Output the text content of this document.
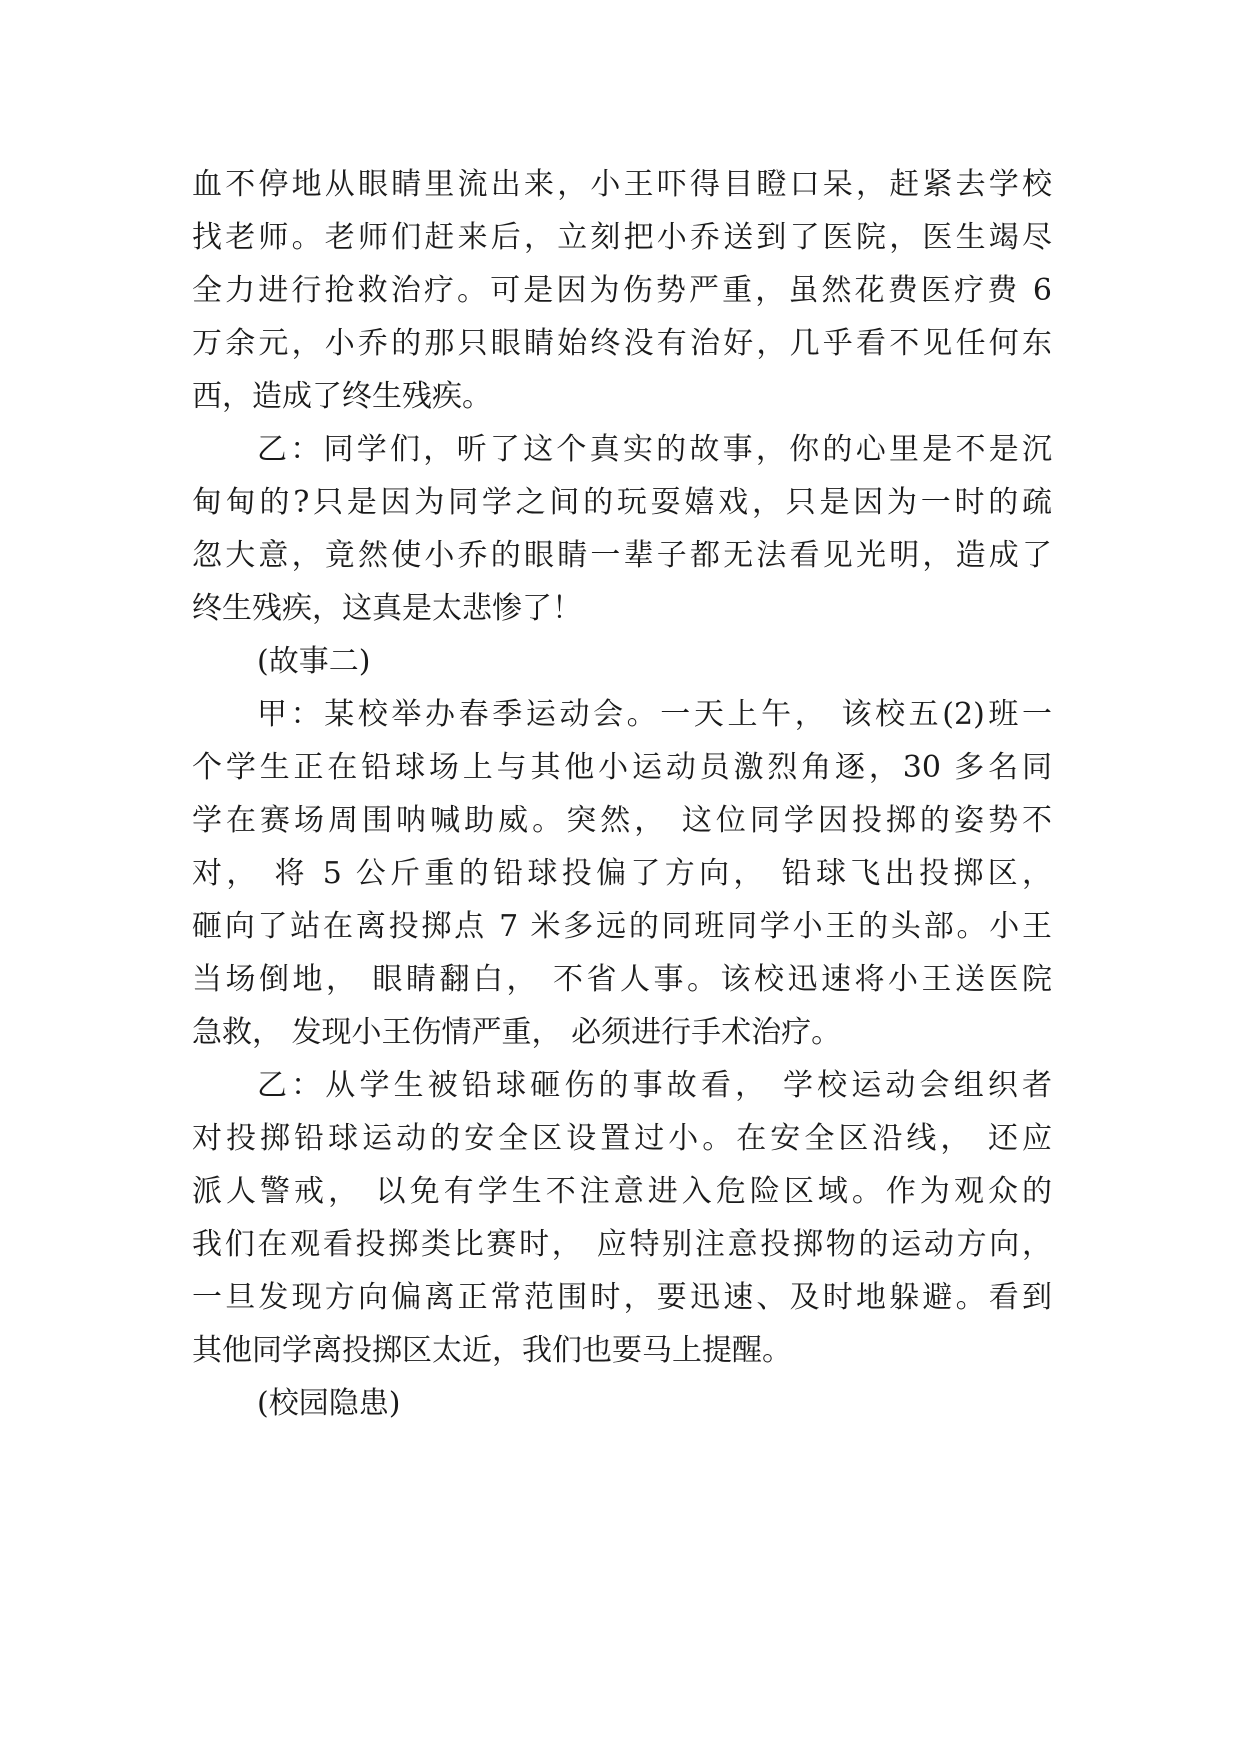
血不停地从眼睛里流出来，小王吓得目瞪口呆，赶紧去学校
找老师。老师们赶来后，立刻把小乔送到了医院，医生竭尽
全力进行抢救治疗。可是因为伤势严重，虽然花费医疗费 6
万余元，小乔的那只眼睛始终没有治好，几乎看不见任何东
西，造成了终生残疾。
乙：同学们，听了这个真实的故事，你的心里是不是沉
甸甸的?只是因为同学之间的玩耍嬉戏，只是因为一时的疏
忽大意，竟然使小乔的眼睛一辈子都无法看见光明，造成了
终生残疾，这真是太悲惨了！
(故事二)
甲：某校举办春季运动会。一天上午， 该校五(2)班一
个学生正在铅球场上与其他小运动员激烈角逐，30 多名同
学在赛场周围呐喊助威。突然， 这位同学因投掷的姿势不
对， 将 5 公斤重的铅球投偏了方向， 铅球飞出投掷区，
砸向了站在离投掷点 7 米多远的同班同学小王的头部。小王
当场倒地， 眼睛翻白， 不省人事。该校迅速将小王送医院
急救， 发现小王伤情严重， 必须进行手术治疗。
乙：从学生被铅球砸伤的事故看， 学校运动会组织者
对投掷铅球运动的安全区设置过小。在安全区沿线， 还应
派人警戒， 以免有学生不注意进入危险区域。作为观众的
我们在观看投掷类比赛时， 应特别注意投掷物的运动方向，
一旦发现方向偏离正常范围时，要迅速、及时地躲避。看到
其他同学离投掷区太近，我们也要马上提醒。
(校园隐患)
